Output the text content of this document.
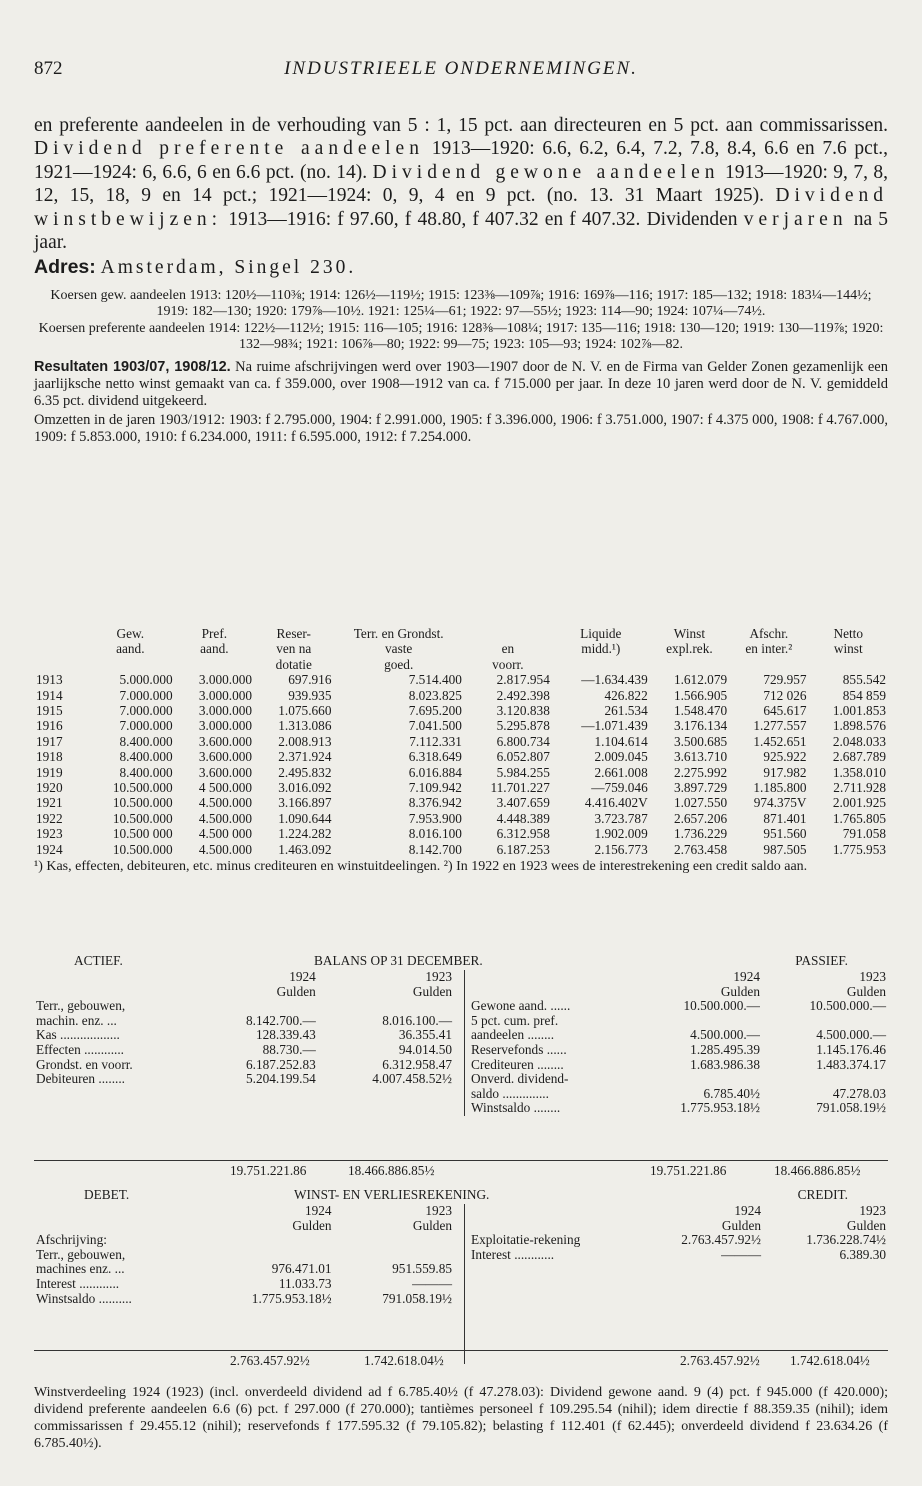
872	INDUSTRIEELE ONDERNEMINGEN.
en preferente aandeelen in de verhouding van 5 : 1, 15 pct. aan directeuren en 5 pct. aan commissarissen. Dividend preferente aandeelen 1913—1920: 6.6, 6.2, 6.4, 7.2, 7.8, 8.4, 6.6 en 7.6 pct., 1921—1924: 6, 6.6, 6 en 6.6 pct. (no. 14). Dividend gewone aandeelen 1913—1920: 9, 7, 8, 12, 15, 18, 9 en 14 pct.; 1921—1924: 0, 9, 4 en 9 pct. (no. 13. 31 Maart 1925). Dividend winstbewijzen: 1913—1916: f 97.60, f 48.80, f 407.32 en f 407.32. Dividenden verjaren na 5 jaar.
Adres: Amsterdam, Singel 230.
Koersen gew. aandeelen 1913: 120½—110⅜; 1914: 126½—119½; 1915: 123⅜—109⅞; 1916: 169⅞—116; 1917: 185—132; 1918: 183¼—144½; 1919: 182—130; 1920: 179⅞—10½. 1921: 125¼—61; 1922: 97—55½; 1923: 114—90; 1924: 107¼—74½.
Koersen preferente aandeelen 1914: 122½—112½; 1915: 116—105; 1916: 128⅜—108¼; 1917: 135—116; 1918: 130—120; 1919: 130—119⅞; 1920: 132—98¾; 1921: 106⅞—80; 1922: 99—75; 1923: 105—93; 1924: 102⅞—82.
Resultaten 1903/07, 1908/12. Na ruime afschrijvingen werd over 1903—1907 door de N. V. en de Firma van Gelder Zonen gezamenlijk een jaarlijksche netto winst gemaakt van ca. f 359.000, over 1908—1912 van ca. f 715.000 per jaar. In deze 10 jaren werd door de N. V. gemiddeld 6.35 pct. dividend uitgekeerd.
Omzetten in de jaren 1903/1912: 1903: f 2.795.000, 1904: f 2.991.000, 1905: f 3.396.000, 1906: f 3.751.000, 1907: f 4.375 000, 1908: f 4.767.000, 1909: f 5.853.000, 1910: f 6.234.000, 1911: f 6.595.000, 1912: f 7.254.000.
	Gew.	Pref.	Reser-	Terr. en Grondst.		Liquide	Winst	Afschr.	Netto
	aand.	aand.	ven na	vaste	en	midd.¹)	expl.rek.	en inter.²	winst
			dotatie	goed.	voorr.				
1913	5.000.000	3.000.000	697.916	7.514.400	2.817.954	—1.634.439	1.612.079	729.957	855.542
1914	7.000.000	3.000.000	939.935	8.023.825	2.492.398	426.822	1.566.905	712 026	854 859
1915	7.000.000	3.000.000	1.075.660	7.695.200	3.120.838	261.534	1.548.470	645.617	1.001.853
1916	7.000.000	3.000.000	1.313.086	7.041.500	5.295.878	—1.071.439	3.176.134	1.277.557	1.898.576
1917	8.400.000	3.600.000	2.008.913	7.112.331	6.800.734	1.104.614	3.500.685	1.452.651	2.048.033
1918	8.400.000	3.600.000	2.371.924	6.318.649	6.052.807	2.009.045	3.613.710	925.922	2.687.789
1919	8.400.000	3.600.000	2.495.832	6.016.884	5.984.255	2.661.008	2.275.992	917.982	1.358.010
1920	10.500.000	4 500.000	3.016.092	7.109.942	11.701.227	—759.046	3.897.729	1.185.800	2.711.928
1921	10.500.000	4.500.000	3.166.897	8.376.942	3.407.659	4.416.402V	1.027.550	974.375V	2.001.925
1922	10.500.000	4.500.000	1.090.644	7.953.900	4.448.389	3.723.787	2.657.206	871.401	1.765.805
1923	10.500 000	4.500 000	1.224.282	8.016.100	6.312.958	1.902.009	1.736.229	951.560	791.058
1924	10.500.000	4.500.000	1.463.092	8.142.700	6.187.253	2.156.773	2.763.458	987.505	1.775.953
¹) Kas, effecten, debiteuren, etc. minus crediteuren en winstuitdeelingen. ²) In 1922 en 1923 wees de interestrekening een credit saldo aan.
ACTIEF.	BALANS OP 31 DECEMBER.	PASSIEF.
	1924	1923
	Gulden	Gulden
Terr., gebouwen,		
machin. enz. ...	8.142.700.—	8.016.100.—
Kas ..................	128.339.43	36.355.41
Effecten ............	88.730.—	94.014.50
Grondst. en voorr.	6.187.252.83	6.312.958.47
Debiteuren ........	5.204.199.54	4.007.458.52½
	1924	1923
	Gulden	Gulden
Gewone aand. ......	10.500.000.—	10.500.000.—
5 pct. cum. pref.		
aandeelen ........	4.500.000.—	4.500.000.—
Reservefonds ......	1.285.495.39	1.145.176.46
Crediteuren ........	1.683.986.38	1.483.374.17
Onverd. dividend-		
saldo ..............	6.785.40½	47.278.03
Winstsaldo ........	1.775.953.18½	791.058.19½
19.751.221.86	18.466.886.85½	19.751.221.86	18.466.886.85½
DEBET.	WINST- EN VERLIESREKENING.	CREDIT.
	1924	1923
	Gulden	Gulden
Afschrijving:		
Terr., gebouwen,		
machines enz. ...	976.471.01	951.559.85
Interest ............	11.033.73	———
Winstsaldo ..........	1.775.953.18½	791.058.19½
	1924	1923
	Gulden	Gulden
Exploitatie-rekening	2.763.457.92½	1.736.228.74½
Interest ............	———	6.389.30
2.763.457.92½	1.742.618.04½	2.763.457.92½ 1.742.618.04½
Winstverdeeling 1924 (1923) (incl. onverdeeld dividend ad f 6.785.40½ (f 47.278.03): Dividend gewone aand. 9 (4) pct. f 945.000 (f 420.000); dividend preferente aandeelen 6.6 (6) pct. f 297.000 (f 270.000); tantièmes personeel f 109.295.54 (nihil); idem directie f 88.359.35 (nihil); idem commissarissen f 29.455.12 (nihil); reservefonds f 177.595.32 (f 79.105.82); belasting f 112.401 (f 62.445); onverdeeld dividend f 23.634.26 (f 6.785.40½).
